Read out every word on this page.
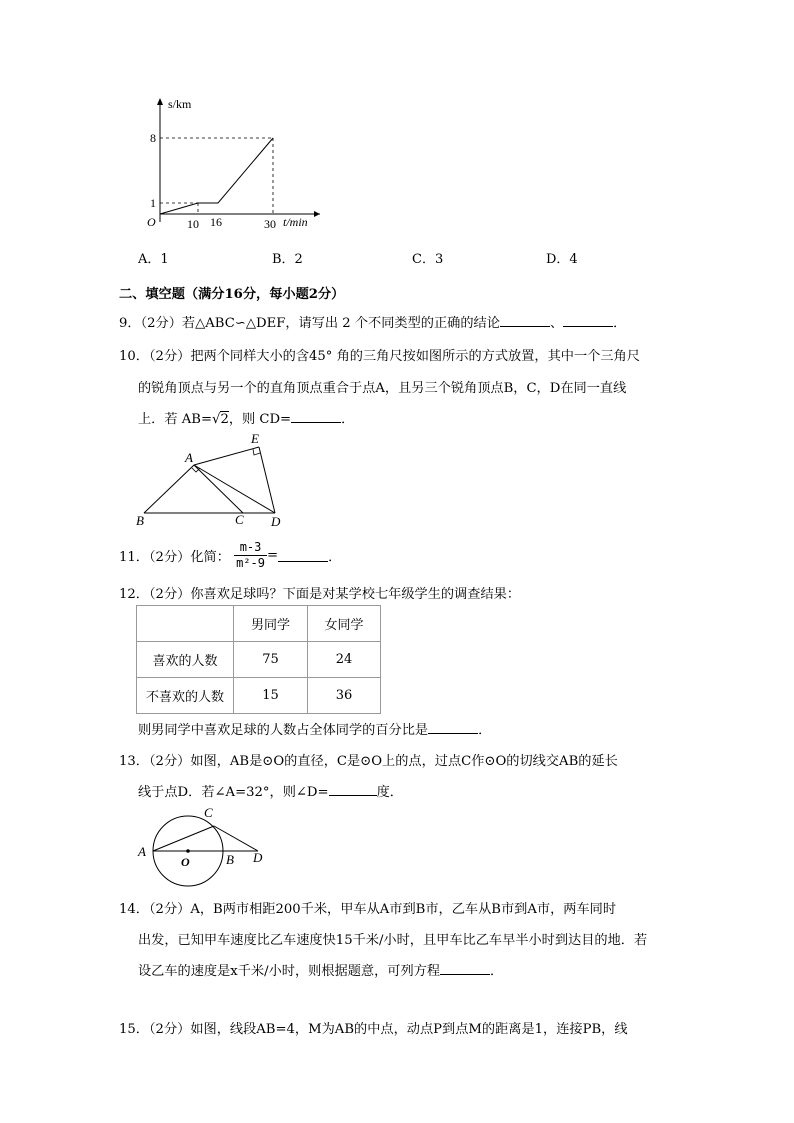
s/km
t/min
O
8
1
10 16	30
A．1	B．2	C．3	D．4
二、填空题（满分16分，每小题2分）
9．（2分）若△ABC∽△DEF，请写出 2 个不同类型的正确的结论	、	．
10．（2分）把两个同样大小的含45° 角的三角尺按如图所示的方式放置，其中一个三角尺
的锐角顶点与另一个的直角顶点重合于点A，且另三个锐角顶点B，C，D在同一直线
上．若 AB=√2，则 CD=	．
E
A
B	C D
11．（2分）化简： $\frac{m-3}{\text{m²-9}}$ =	．
12．（2分）你喜欢足球吗？下面是对某学校七年级学生的调查结果：
	男同学	女同学
喜欢的人数	75	24
不喜欢的人数	15	36
则男同学中喜欢足球的人数占全体同学的百分比是	．
13．（2分）如图，AB是⊙O的直径，C是⊙O上的点，过点C作⊙O的切线交AB的延长
线于点D．若∠A=32°，则∠D=	度．
C
A
O	B D
14．（2分）A，B两市相距200千米，甲车从A市到B市，乙车从B市到A市，两车同时
出发，已知甲车速度比乙车速度快15千米/小时，且甲车比乙车早半小时到达目的地．若
设乙车的速度是x千米/小时，则根据题意，可列方程	．
15．（2分）如图，线段AB=4，M为AB的中点，动点P到点M的距离是1，连接PB，线
